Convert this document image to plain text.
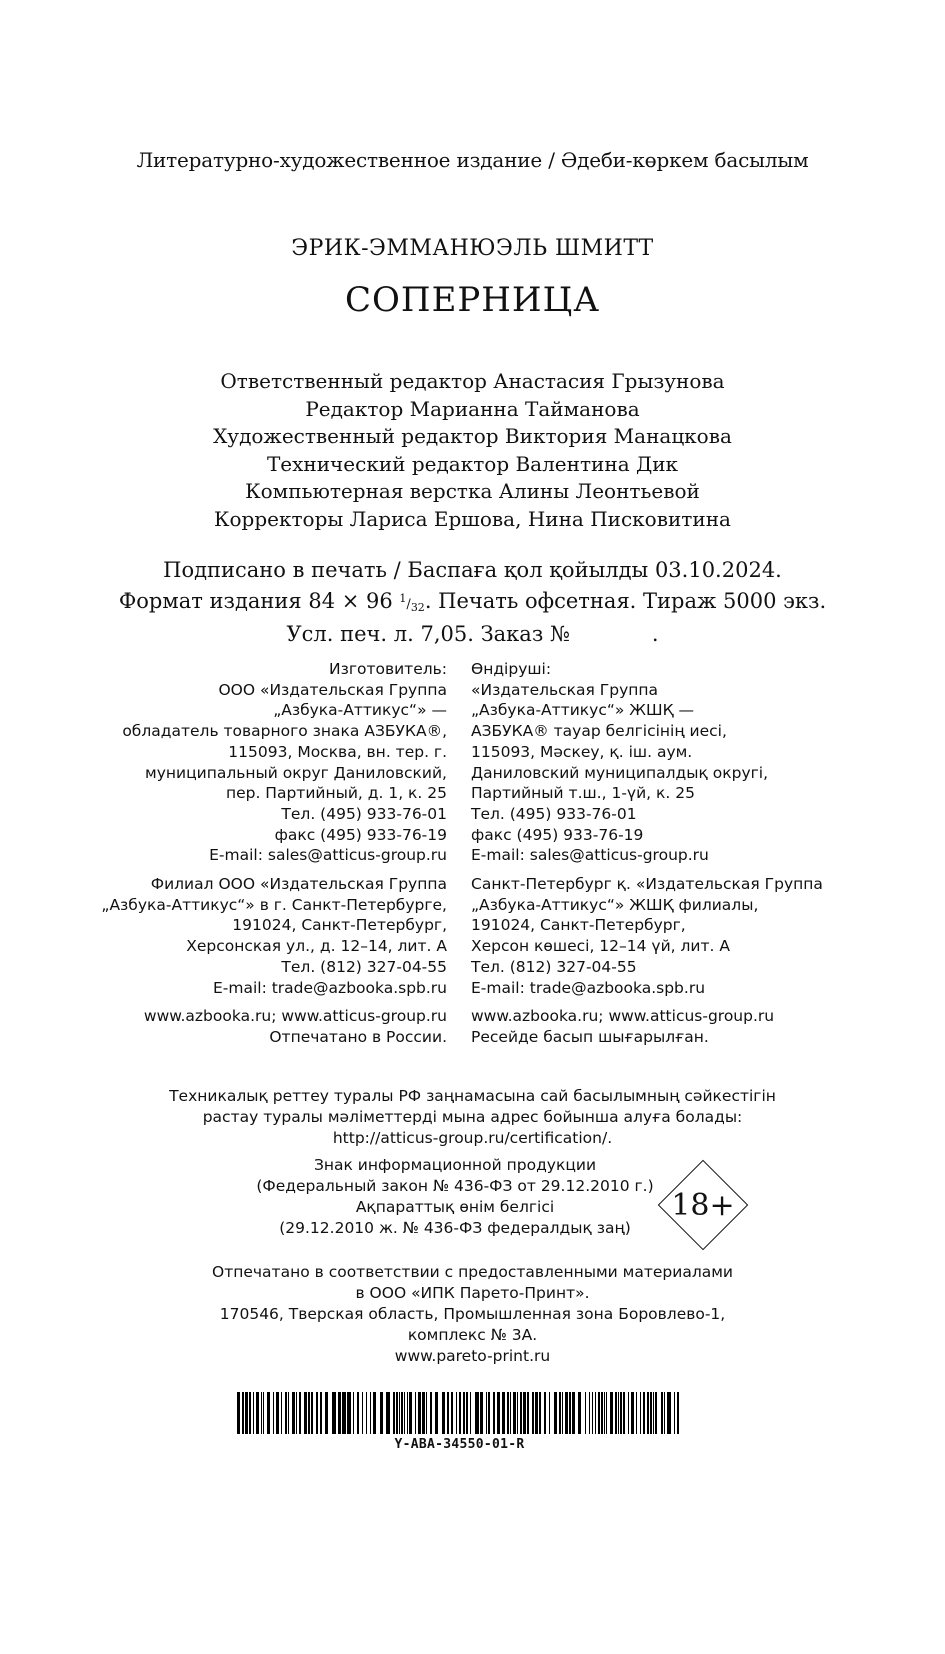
Литературно-художественное издание / Әдеби-көркем басылым
ЭРИК-ЭММАНЮЭЛЬ ШМИТТ
СОПЕРНИЦА
Ответственный редактор Анастасия Грызунова
Редактор Марианна Тайманова
Художественный редактор Виктория Манацкова
Технический редактор Валентина Дик
Компьютерная верстка Алины Леонтьевой
Корректоры Лариса Ершова, Нина Писковитина
Подписано в печать / Баспаға қол қойылды 03.10.2024.
Формат издания 84 × 96 $^1/_{32}$. Печать офсетная. Тираж 5000 экз.
Усл. печ. л. 7,05. Заказ №	.
Изготовитель:
ООО «Издательская Группа
„Азбука-Аттикус“» —
обладатель товарного знака АЗБУКА®,
115093, Москва, вн. тер. г.
муниципальный округ Даниловский,
пер. Партийный, д. 1, к. 25
Тел. (495) 933-76-01
факс (495) 933-76-19
E-mail: sales@atticus-group.ru
Филиал ООО «Издательская Группа
„Азбука-Аттикус“» в г. Санкт-Петербурге,
191024, Санкт-Петербург,
Херсонская ул., д. 12–14, лит. А
Тел. (812) 327-04-55
E-mail: trade@azbooka.spb.ru
www.azbooka.ru; www.atticus-group.ru
Отпечатано в России.
Өндіруші:
«Издательская Группа
„Азбука-Аттикус“» ЖШҚ —
АЗБУКА® тауар белгісінің иесі,
115093, Мәскеу, қ. іш. аум.
Даниловский муниципалдық округі,
Партийный т.ш., 1-үй, к. 25
Тел. (495) 933-76-01
факс (495) 933-76-19
E-mail: sales@atticus-group.ru
Санкт-Петербург қ. «Издательская Группа
„Азбука-Аттикус“» ЖШҚ филиалы,
191024, Санкт-Петербург,
Херсон көшесі, 12–14 үй, лит. А
Тел. (812) 327-04-55
E-mail: trade@azbooka.spb.ru
www.azbooka.ru; www.atticus-group.ru
Ресейде басып шығарылған.
Техникалық реттеу туралы РФ заңнамасына сай басылымның сәйкестігін
растау туралы мәліметтерді мына адрес бойынша алуға болады:
http://atticus-group.ru/certification/.
Знак информационной продукции
(Федеральный закон № 436-ФЗ от 29.12.2010 г.)
Ақпараттық өнім белгісі
(29.12.2010 ж. № 436-ФЗ федералдық заң)
18+
Отпечатано в соответствии с предоставленными материалами
в ООО «ИПК Парето-Принт».
170546, Тверская область, Промышленная зона Боровлево-1,
комплекс № 3А.
www.pareto-print.ru
Y-ABA-34550-01-R
